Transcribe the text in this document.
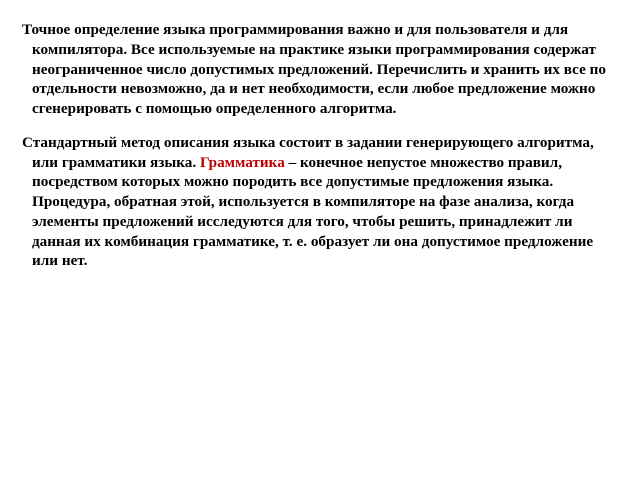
Точное определение языка программирования важно и для пользователя и для компилятора. Все используемые на практике языки программирования содержат неограниченное число допустимых предложений. Перечислить и хранить их все по отдельности невозможно, да и нет необходимости, если любое предложение можно сгенерировать с помощью определенного алгоритма.

Стандартный метод описания языка состоит в задании генерирующего алгоритма, или грамматики языка. Грамматика – конечное непустое множество правил, посредством которых можно породить все допустимые предложения языка. Процедура, обратная этой, используется в компиляторе на фазе анализа, когда элементы предложений исследуются для того, чтобы решить, принадлежит ли данная их комбинация грамматике, т. е. образует ли она допустимое предложение или нет.
